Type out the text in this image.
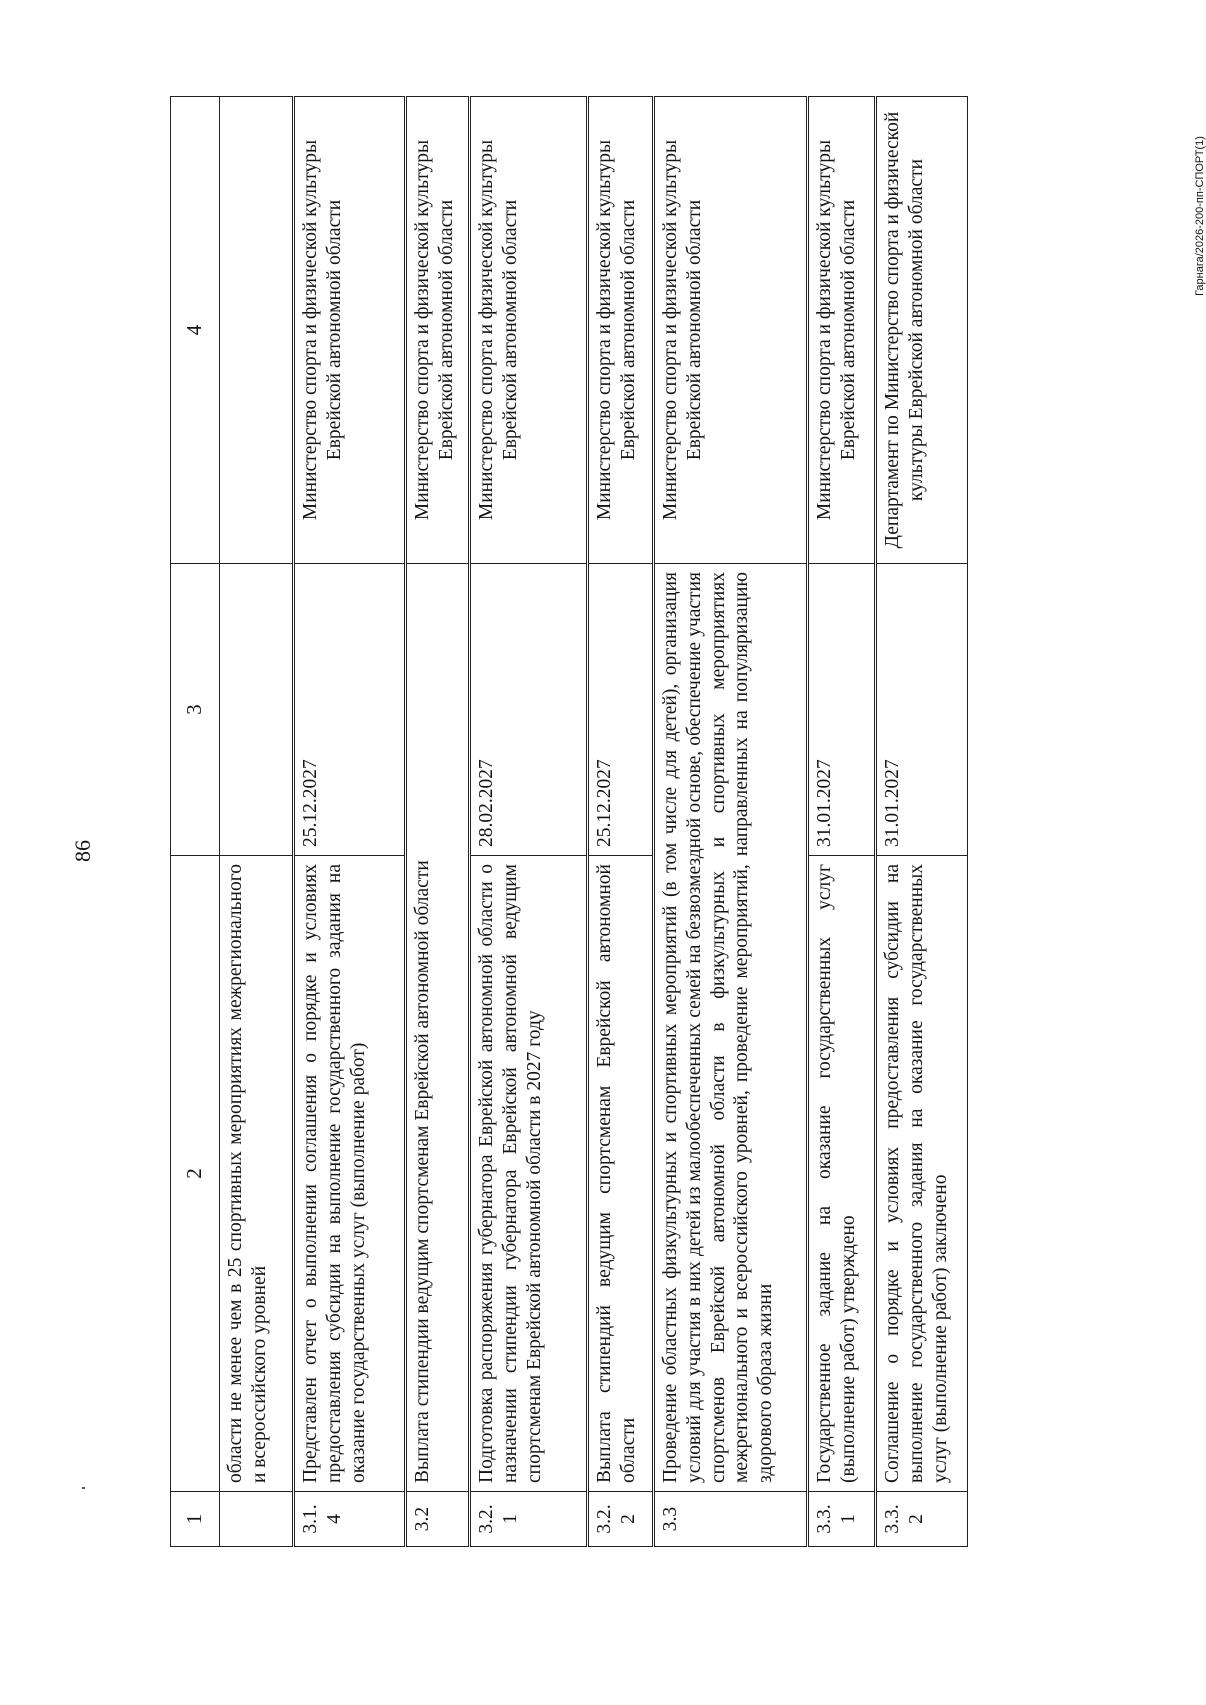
86
Гарнага/2026-200-пп-СПОРТ(1)
1	2	3	4
	области не менее чем в 25 спортивных мероприятиях межрегионального и всероссийского уровней		
3.1.4	Представлен отчет о выполнении соглашения о порядке и условиях предоставления субсидии на выполнение государственного задания на оказание государственных услуг (выполнение работ)	25.12.2027	Министерство спорта и физической культуры Еврейской автономной области
3.2	Выплата стипендии ведущим спортсменам Еврейской автономной области		Министерство спорта и физической культуры Еврейской автономной области
3.2.1	Подготовка распоряжения губернатора Еврейской автономной области о назначении стипендии губернатора Еврейской автономной ведущим спортсменам Еврейской автономной области в 2027 году	28.02.2027	Министерство спорта и физической культуры Еврейской автономной области
3.2.2	Выплата стипендий ведущим спортсменам Еврейской автономной области	25.12.2027	Министерство спорта и физической культуры Еврейской автономной области
3.3	Проведение областных физкультурных и спортивных мероприятий (в том числе для детей), организация условий для участия в них детей из малообеспеченных семей на безвозмездной основе, обеспечение участия спортсменов Еврейской автономной области в физкультурных и спортивных мероприятиях межрегионального и всероссийского уровней, проведение мероприятий, направленных на популяризацию здорового образа жизни		Министерство спорта и физической культуры Еврейской автономной области
3.3.1	Государственное задание на оказание государственных услуг (выполнение работ) утверждено	31.01.2027	Министерство спорта и физической культуры Еврейской автономной области
3.3.2	Соглашение о порядке и условиях предоставления субсидии на выполнение государственного задания на оказание государственных услуг (выполнение работ) заключено	31.01.2027	Департамент по Министерство спорта и физической культуры Еврейской автономной области
